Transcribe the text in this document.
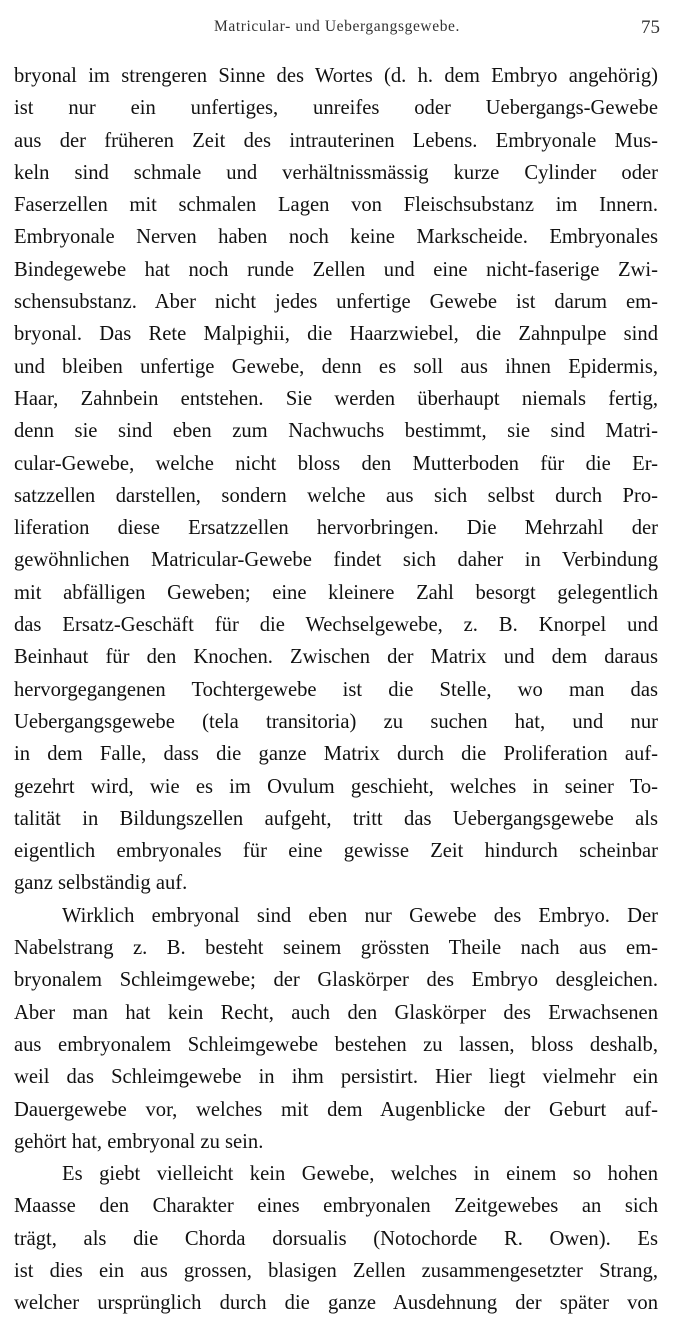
Matricular- und Uebergangsgewebe.	75
bryonal im strengeren Sinne des Wortes (d. h. dem Embryo angehörig)
ist nur ein unfertiges, unreifes oder Uebergangs-Gewebe
aus der früheren Zeit des intrauterinen Lebens. Embryonale Mus-
keln sind schmale und verhältnissmässig kurze Cylinder oder
Faserzellen mit schmalen Lagen von Fleischsubstanz im Innern.
Embryonale Nerven haben noch keine Markscheide. Embryonales
Bindegewebe hat noch runde Zellen und eine nicht-faserige Zwi-
schensubstanz. Aber nicht jedes unfertige Gewebe ist darum em-
bryonal. Das Rete Malpighii, die Haarzwiebel, die Zahnpulpe sind
und bleiben unfertige Gewebe, denn es soll aus ihnen Epidermis,
Haar, Zahnbein entstehen. Sie werden überhaupt niemals fertig,
denn sie sind eben zum Nachwuchs bestimmt, sie sind Matri-
cular-Gewebe, welche nicht bloss den Mutterboden für die Er-
satzzellen darstellen, sondern welche aus sich selbst durch Pro-
liferation diese Ersatzzellen hervorbringen. Die Mehrzahl der
gewöhnlichen Matricular-Gewebe findet sich daher in Verbindung
mit abfälligen Geweben; eine kleinere Zahl besorgt gelegentlich
das Ersatz-Geschäft für die Wechselgewebe, z. B. Knorpel und
Beinhaut für den Knochen. Zwischen der Matrix und dem daraus
hervorgegangenen Tochtergewebe ist die Stelle, wo man das
Uebergangsgewebe (tela transitoria) zu suchen hat, und nur
in dem Falle, dass die ganze Matrix durch die Proliferation auf-
gezehrt wird, wie es im Ovulum geschieht, welches in seiner To-
talität in Bildungszellen aufgeht, tritt das Uebergangsgewebe als
eigentlich embryonales für eine gewisse Zeit hindurch scheinbar
ganz selbständig auf.
Wirklich embryonal sind eben nur Gewebe des Embryo. Der
Nabelstrang z. B. besteht seinem grössten Theile nach aus em-
bryonalem Schleimgewebe; der Glaskörper des Embryo desgleichen.
Aber man hat kein Recht, auch den Glaskörper des Erwachsenen
aus embryonalem Schleimgewebe bestehen zu lassen, bloss deshalb,
weil das Schleimgewebe in ihm persistirt. Hier liegt vielmehr ein
Dauergewebe vor, welches mit dem Augenblicke der Geburt auf-
gehört hat, embryonal zu sein.
Es giebt vielleicht kein Gewebe, welches in einem so hohen
Maasse den Charakter eines embryonalen Zeitgewebes an sich
trägt, als die Chorda dorsualis (Notochorde R. Owen). Es
ist dies ein aus grossen, blasigen Zellen zusammengesetzter Strang,
welcher ursprünglich durch die ganze Ausdehnung der später von
